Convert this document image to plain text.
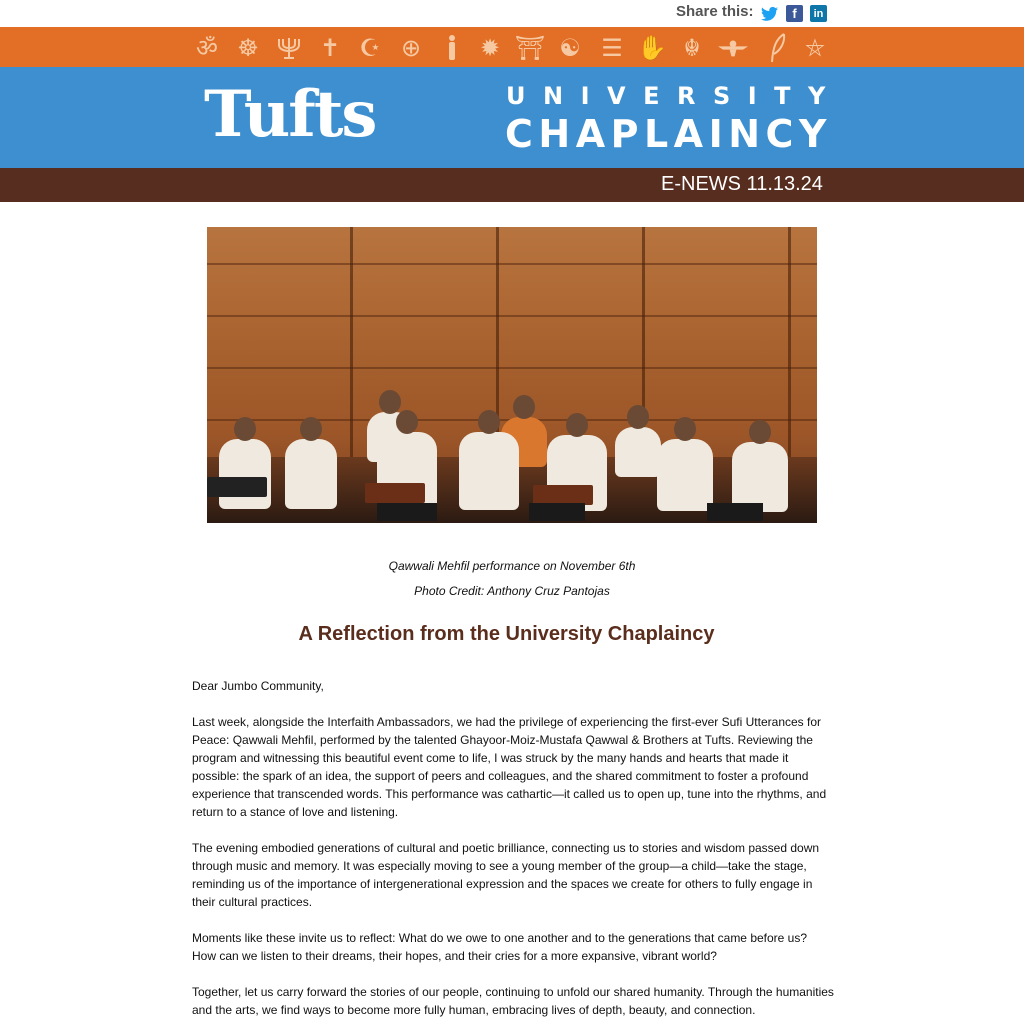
Share this:	f	in
ॐ ☸	✝ ☪ ⊕ ✹ ⛩ ☯ ☰ ✋ ☬	⛤
Tufts	UNIVERSITY
CHAPLAINCY
E-NEWS 11.13.24
Qawwali Mehfil performance on November 6th
Photo Credit: Anthony Cruz Pantojas
A Reflection from the University Chaplaincy

Dear Jumbo Community,

Last week, alongside the Interfaith Ambassadors, we had the privilege of experiencing the first-ever Sufi Utterances for Peace: Qawwali Mehfil, performed by the talented Ghayoor-Moiz-Mustafa Qawwal & Brothers at Tufts. Reviewing the program and witnessing this beautiful event come to life, I was struck by the many hands and hearts that made it possible: the spark of an idea, the support of peers and colleagues, and the shared commitment to foster a profound experience that transcended words. This performance was cathartic—it called us to open up, tune into the rhythms, and return to a stance of love and listening.

The evening embodied generations of cultural and poetic brilliance, connecting us to stories and wisdom passed down through music and memory. It was especially moving to see a young member of the group—a child—take the stage, reminding us of the importance of intergenerational expression and the spaces we create for others to fully engage in their cultural practices.

Moments like these invite us to reflect: What do we owe to one another and to the generations that came before us? How can we listen to their dreams, their hopes, and their cries for a more expansive, vibrant world?

Together, let us carry forward the stories of our people, continuing to unfold our shared humanity. Through the humanities and the arts, we find ways to become more fully human, embracing lives of depth, beauty, and connection.
